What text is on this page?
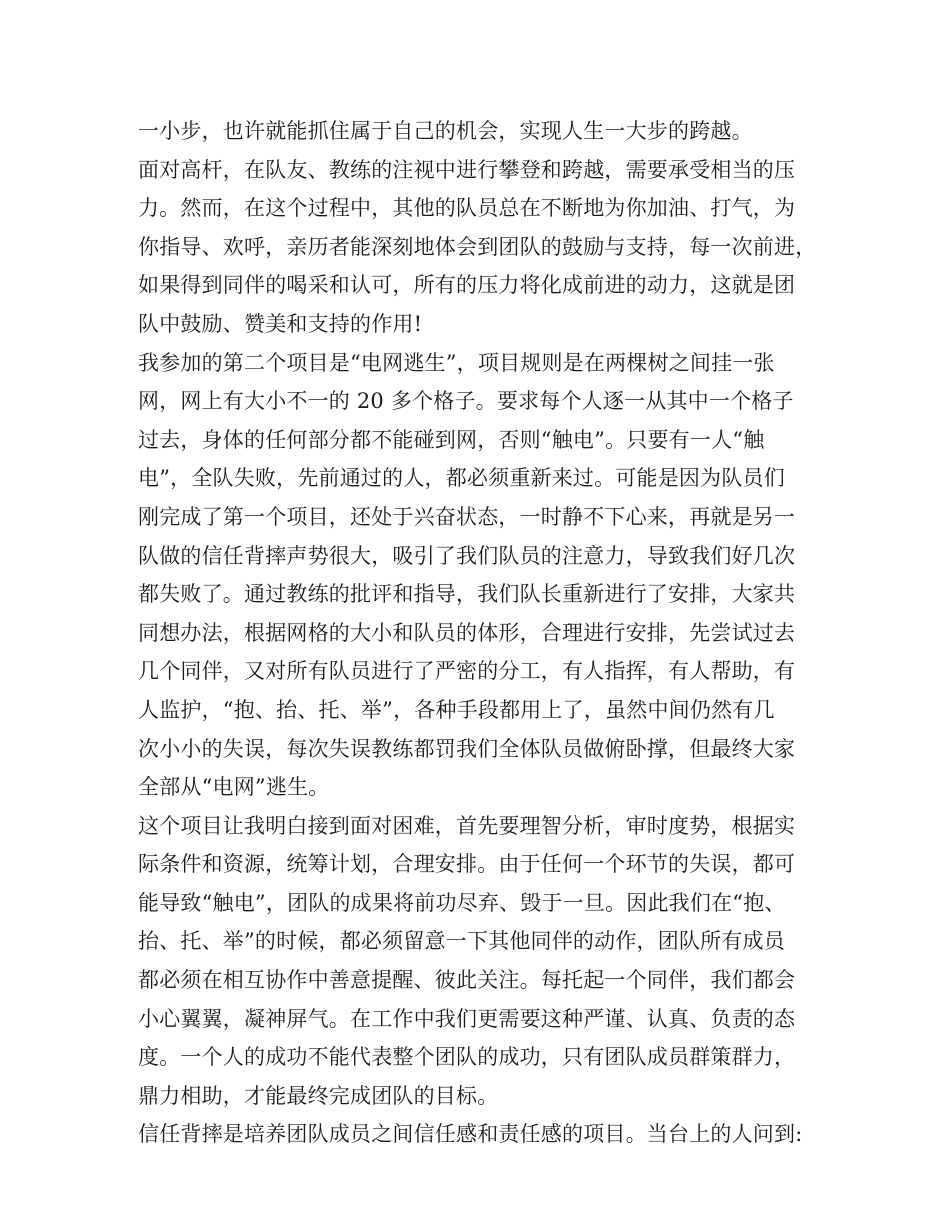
一小步，也许就能抓住属于自己的机会，实现人生一大步的跨越。
面对高杆，在队友、教练的注视中进行攀登和跨越，需要承受相当的压
力。然而，在这个过程中，其他的队员总在不断地为你加油、打气，为
你指导、欢呼，亲历者能深刻地体会到团队的鼓励与支持，每一次前进，
如果得到同伴的喝采和认可，所有的压力将化成前进的动力，这就是团
队中鼓励、赞美和支持的作用!
我参加的第二个项目是“电网逃生”，项目规则是在两棵树之间挂一张
网，网上有大小不一的 20 多个格子。要求每个人逐一从其中一个格子
过去，身体的任何部分都不能碰到网，否则“触电”。只要有一人“触
电”，全队失败，先前通过的人，都必须重新来过。可能是因为队员们
刚完成了第一个项目，还处于兴奋状态，一时静不下心来，再就是另一
队做的信任背摔声势很大，吸引了我们队员的注意力，导致我们好几次
都失败了。通过教练的批评和指导，我们队长重新进行了安排，大家共
同想办法，根据网格的大小和队员的体形，合理进行安排，先尝试过去
几个同伴，又对所有队员进行了严密的分工，有人指挥，有人帮助，有
人监护，“抱、抬、托、举”，各种手段都用上了，虽然中间仍然有几
次小小的失误，每次失误教练都罚我们全体队员做俯卧撑，但最终大家
全部从“电网”逃生。
这个项目让我明白接到面对困难，首先要理智分析，审时度势，根据实
际条件和资源，统筹计划，合理安排。由于任何一个环节的失误，都可
能导致“触电”，团队的成果将前功尽弃、毁于一旦。因此我们在“抱、
抬、托、举”的时候，都必须留意一下其他同伴的动作，团队所有成员
都必须在相互协作中善意提醒、彼此关注。每托起一个同伴，我们都会
小心翼翼，凝神屏气。在工作中我们更需要这种严谨、认真、负责的态
度。一个人的成功不能代表整个团队的成功，只有团队成员群策群力，
鼎力相助，才能最终完成团队的目标。
信任背摔是培养团队成员之间信任感和责任感的项目。当台上的人问到:
